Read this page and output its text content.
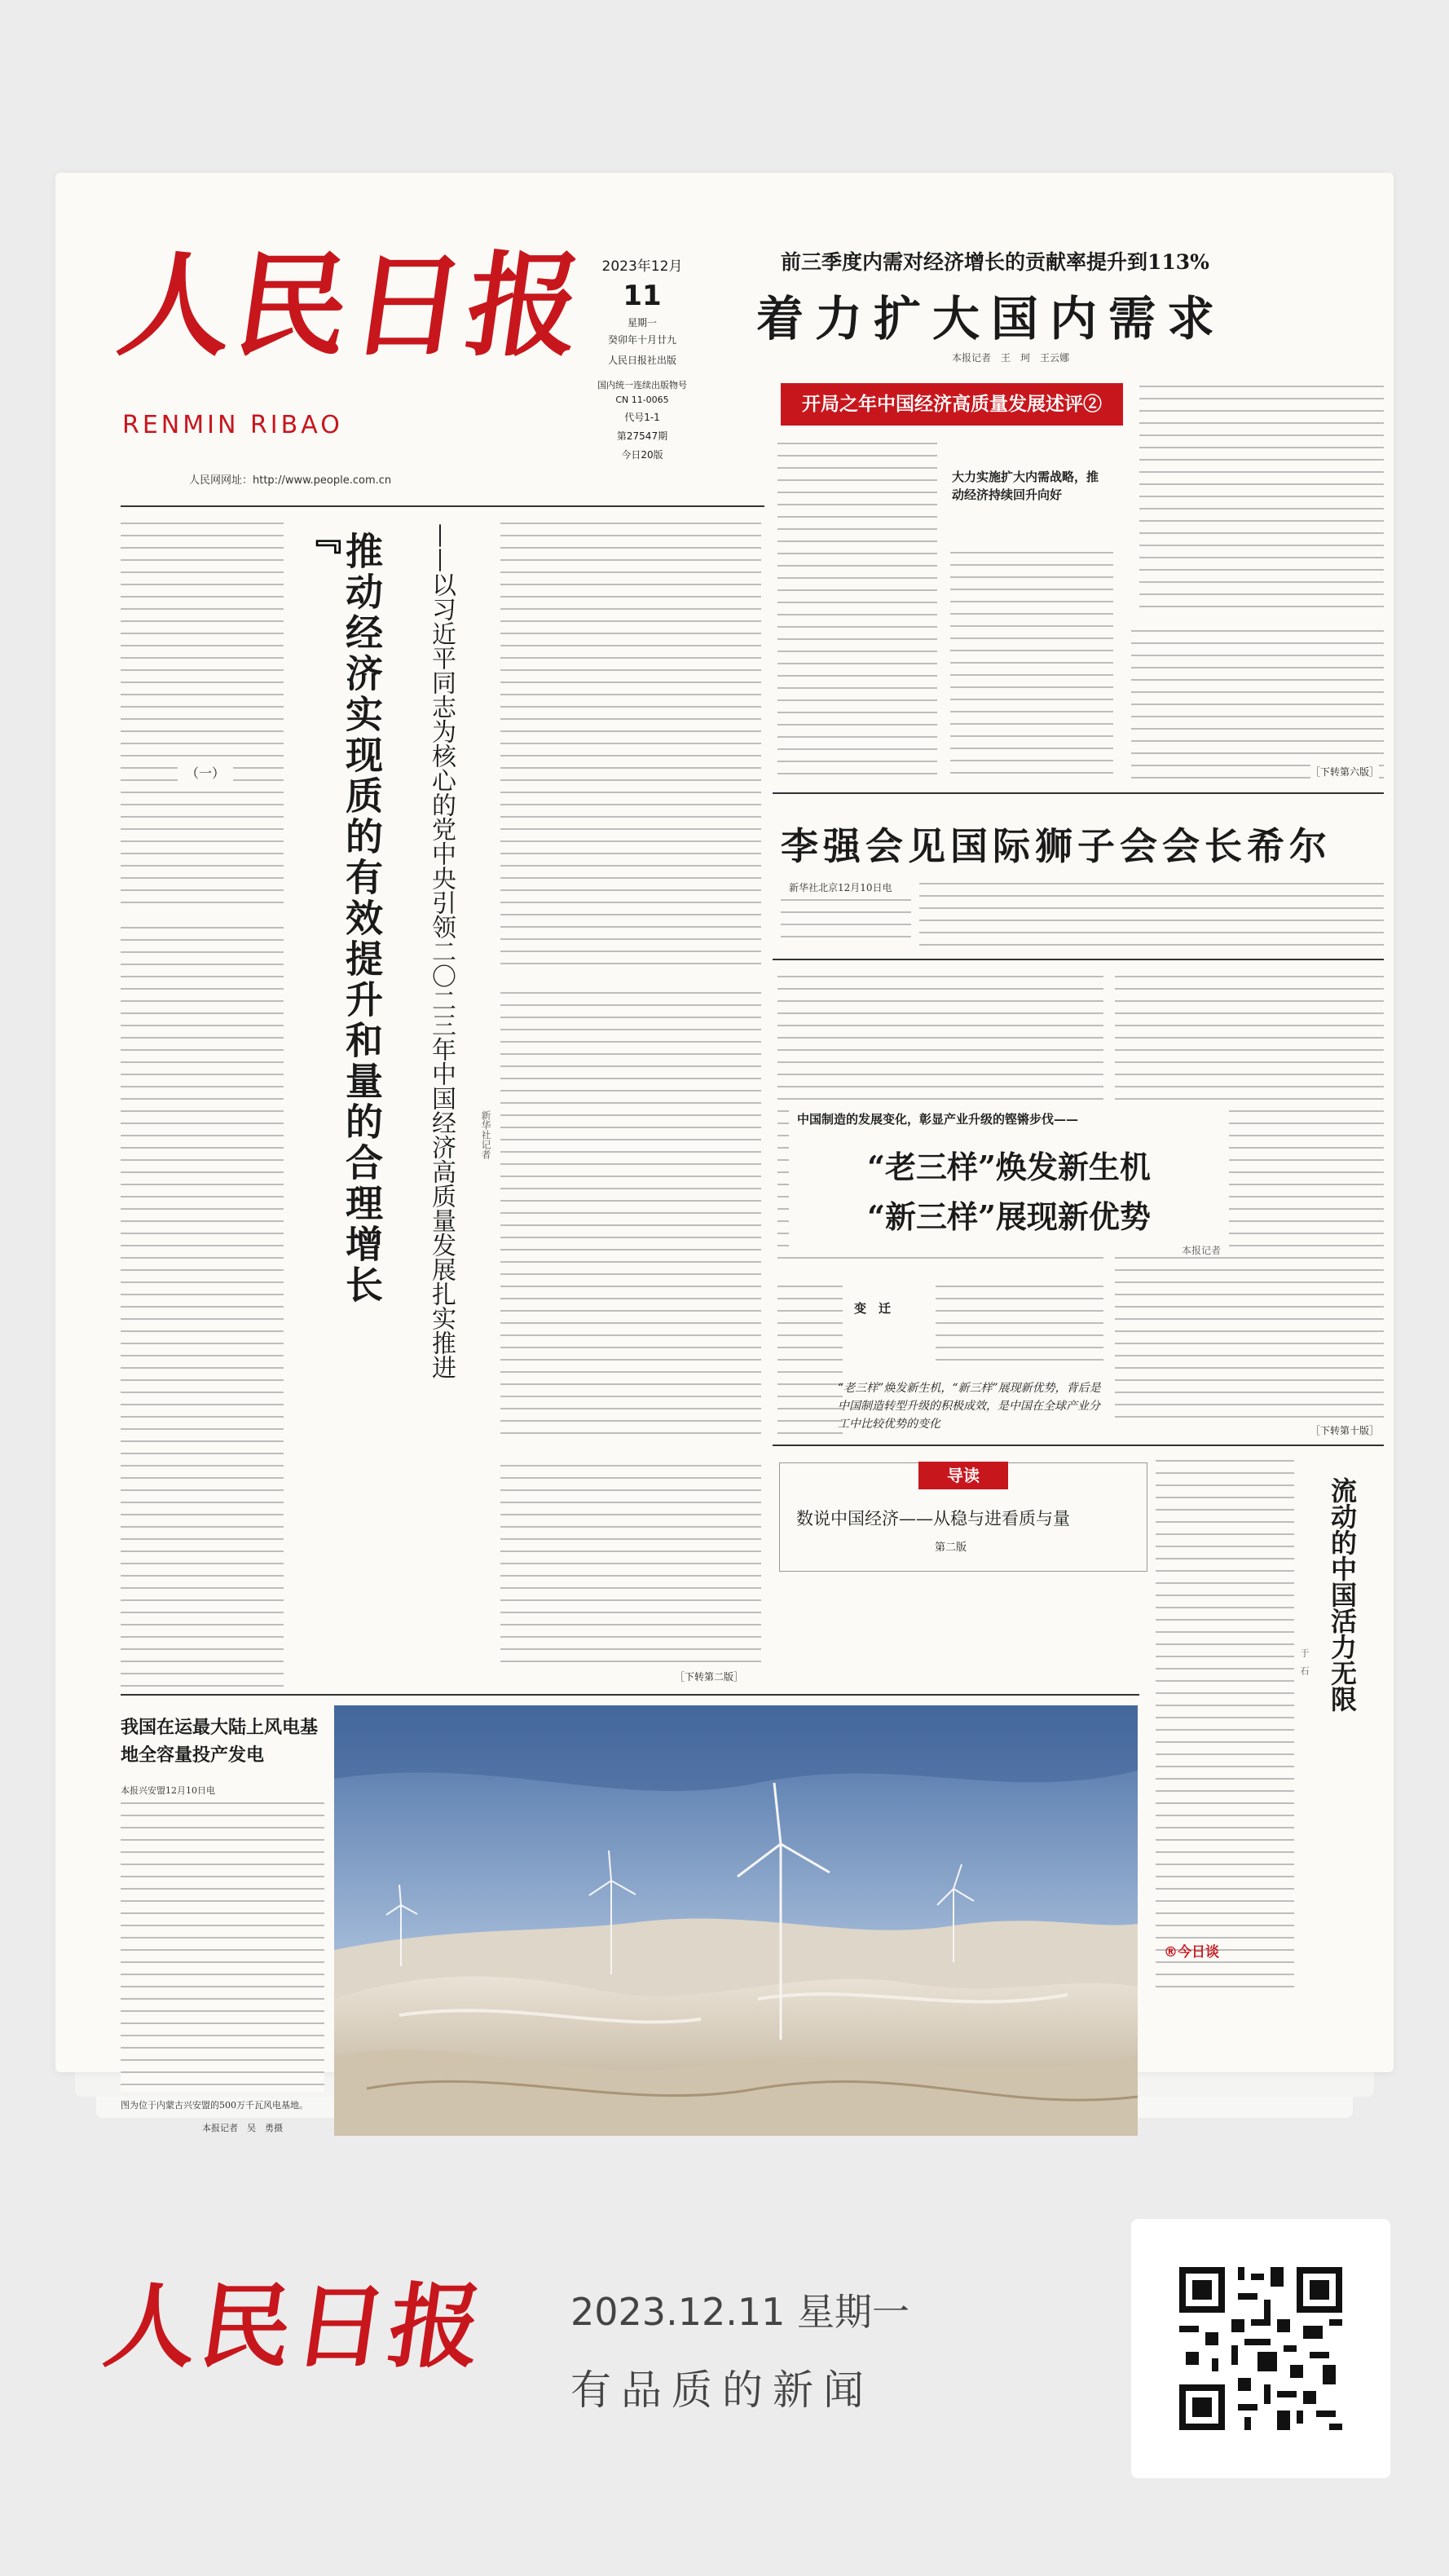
人民日报
RENMIN RIBAO
人民网网址：http://www.people.com.cn
2023年12月
11
星期一
癸卯年十月廿九
人民日报社出版
国内统一连续出版物号
CN 11-0065
代号1-1
第27547期
今日20版
前三季度内需对经济增长的贡献率提升到113%
着力扩大国内需求
本报记者　王　珂　王云娜
开局之年中国经济高质量发展述评②
大力实施扩大内需战略，推动经济持续回升向好
［下转第六版］
（一）	推动经济实现质的有效提升和量的合理增长
『	——以习近平同志为核心的党中央引领二〇二三年中国经济高质量发展扎实推进	新华社记者
［下转第二版］
李强会见国际狮子会会长希尔
新华社北京12月10日电
中国制造的发展变化，彰显产业升级的铿锵步伐——
“老三样”焕发新生机
“新三样”展现新优势
本报记者
变　迁
“老三样”焕发新生机，“新三样”展现新优势，背后是中国制造转型升级的积极成效，是中国在全球产业分工中比较优势的变化	［下转第十版］
导读
数说中国经济——从稳与进看质与量
第二版	流动的中国活力无限
于　石
®今日谈
我国在运最大陆上风电基地全容量投产发电
本报兴安盟12月10日电
图为位于内蒙古兴安盟的500万千瓦风电基地。
本报记者　吴　勇摄
人民日报 2023.12.11 星期一
有品质的新闻
